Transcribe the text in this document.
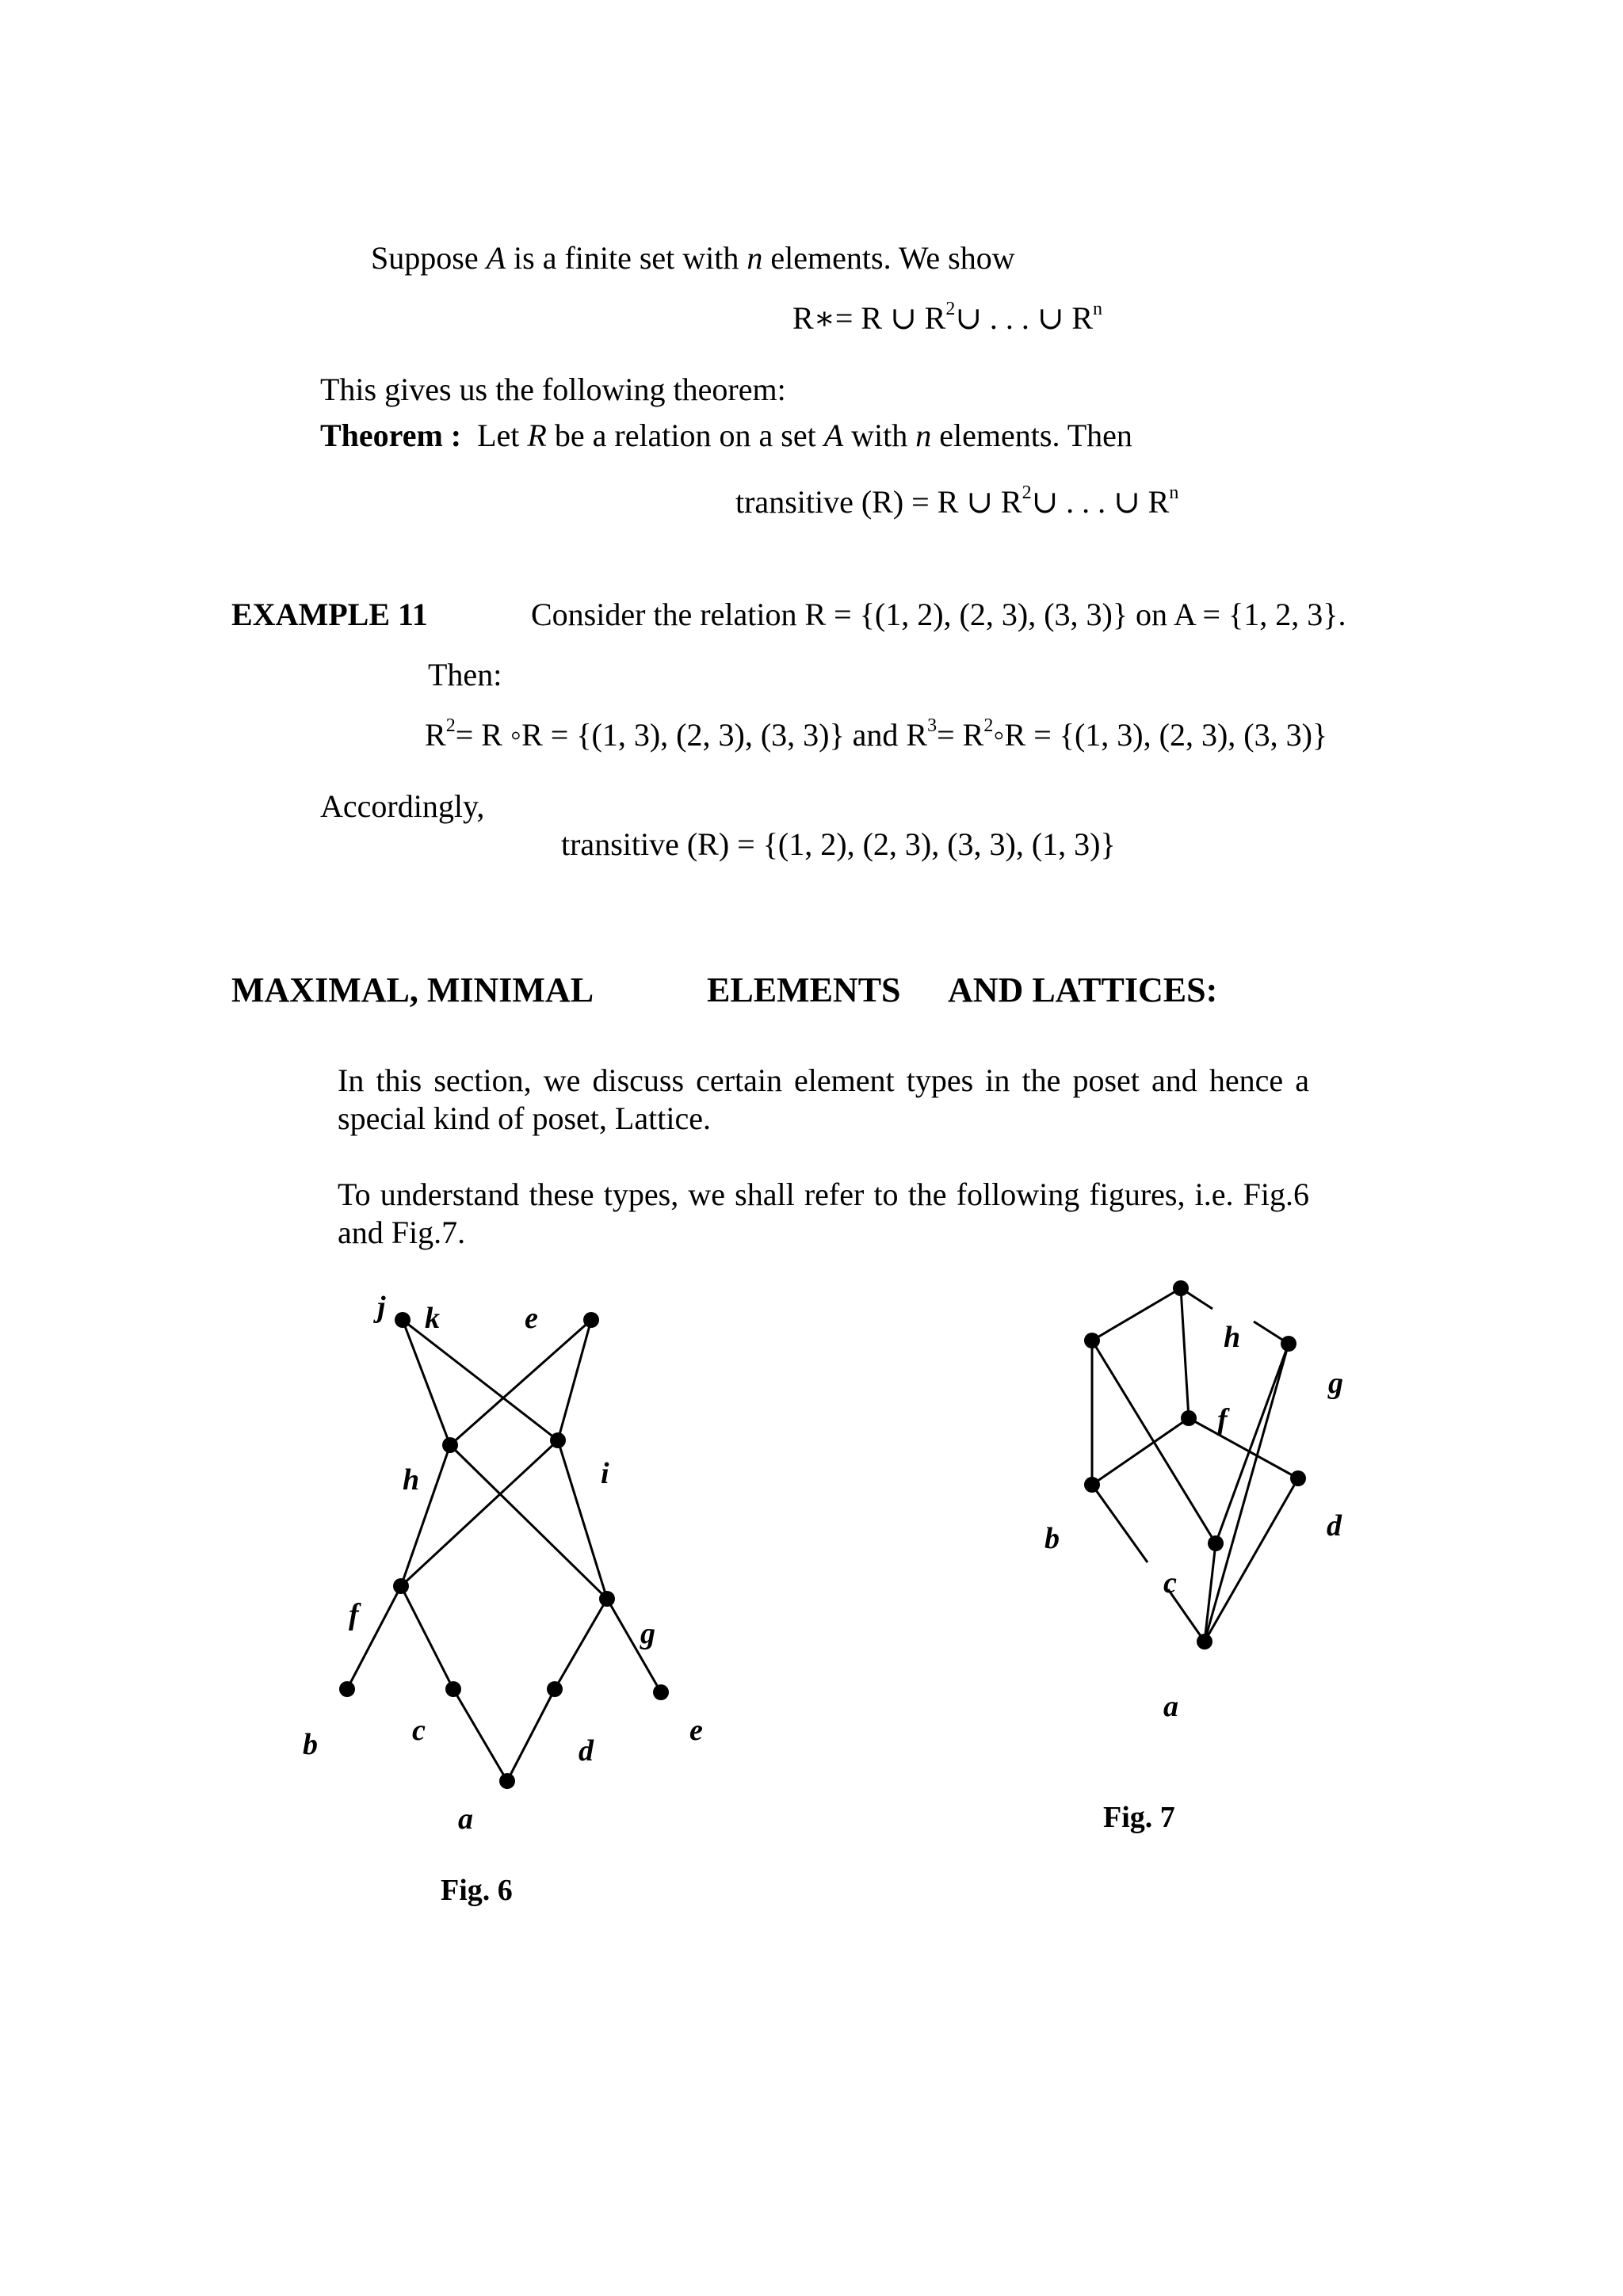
Suppose A is a finite set with n elements. We show
R∗= R ∪ $R^2\cup$ . . . ∪ $R^n$
This gives us the following theorem:
Theorem :  Let R be a relation on a set A with n elements. Then
transitive (R) = R ∪ $R^2\cup$ . . . ∪ $R^n$
EXAMPLE 11	Consider the relation R = {(1, 2), (2, 3), (3, 3)} on A = {1, 2, 3}.
Then:
$R^2= R$ ◦R = {(1, 3), (2, 3), (3, 3)} and $R^3=$ $R^2◦R = \{(1$, 3), (2, 3), (3, 3)}
Accordingly,
transitive (R) = {(1, 2), (2, 3), (3, 3), (1, 3)}
MAXIMAL, MINIMAL	ELEMENTS AND LATTICES:
In this section, we discuss certain element types in the poset and hence a special kind of poset, Lattice.
To understand these types, we shall refer to the following figures, i.e. Fig.6 and Fig.7.
j k	e
h	i
f
g
b	c
d
e
a
h
g
f
b	d
c
a
Fig. 6
Fig. 7
